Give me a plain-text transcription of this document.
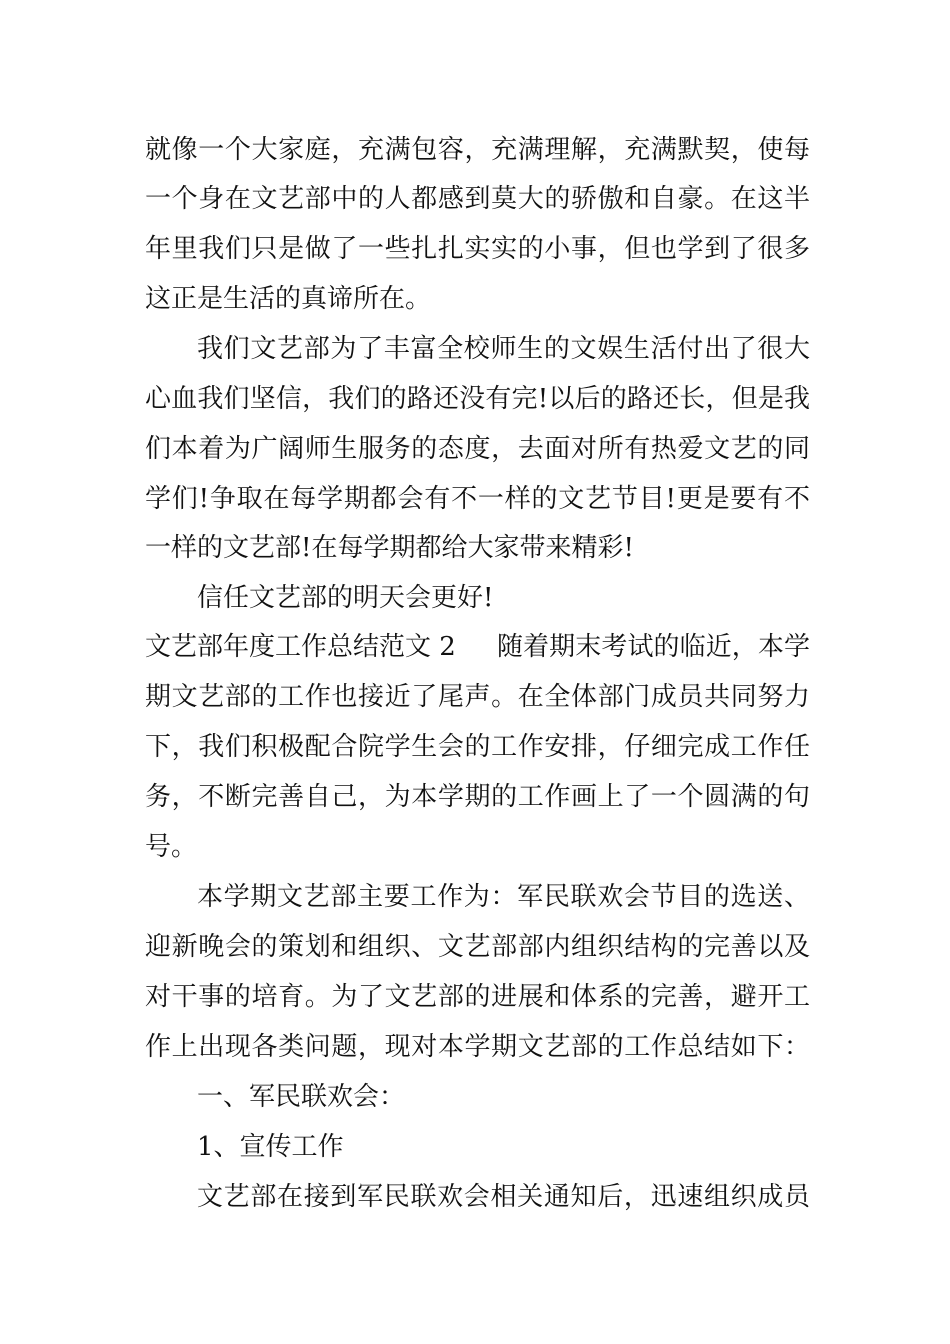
就像一个大家庭，充满包容，充满理解，充满默契，使每
一个身在文艺部中的人都感到莫大的骄傲和自豪。在这半
年里我们只是做了一些扎扎实实的小事，但也学到了很多
这正是生活的真谛所在。
我们文艺部为了丰富全校师生的文娱生活付出了很大
心血我们坚信，我们的路还没有完!以后的路还长，但是我
们本着为广阔师生服务的态度，去面对所有热爱文艺的同
学们!争取在每学期都会有不一样的文艺节目!更是要有不
一样的文艺部!在每学期都给大家带来精彩!
信任文艺部的明天会更好!
文艺部年度工作总结范文 2 随着期末考试的临近，本学
期文艺部的工作也接近了尾声。在全体部门成员共同努力
下，我们积极配合院学生会的工作安排，仔细完成工作任
务，不断完善自己，为本学期的工作画上了一个圆满的句
号。
本学期文艺部主要工作为：军民联欢会节目的选送、
迎新晚会的策划和组织、文艺部部内组织结构的完善以及
对干事的培育。为了文艺部的进展和体系的完善，避开工
作上出现各类问题，现对本学期文艺部的工作总结如下：
一、军民联欢会：
1、宣传工作
文艺部在接到军民联欢会相关通知后，迅速组织成员
